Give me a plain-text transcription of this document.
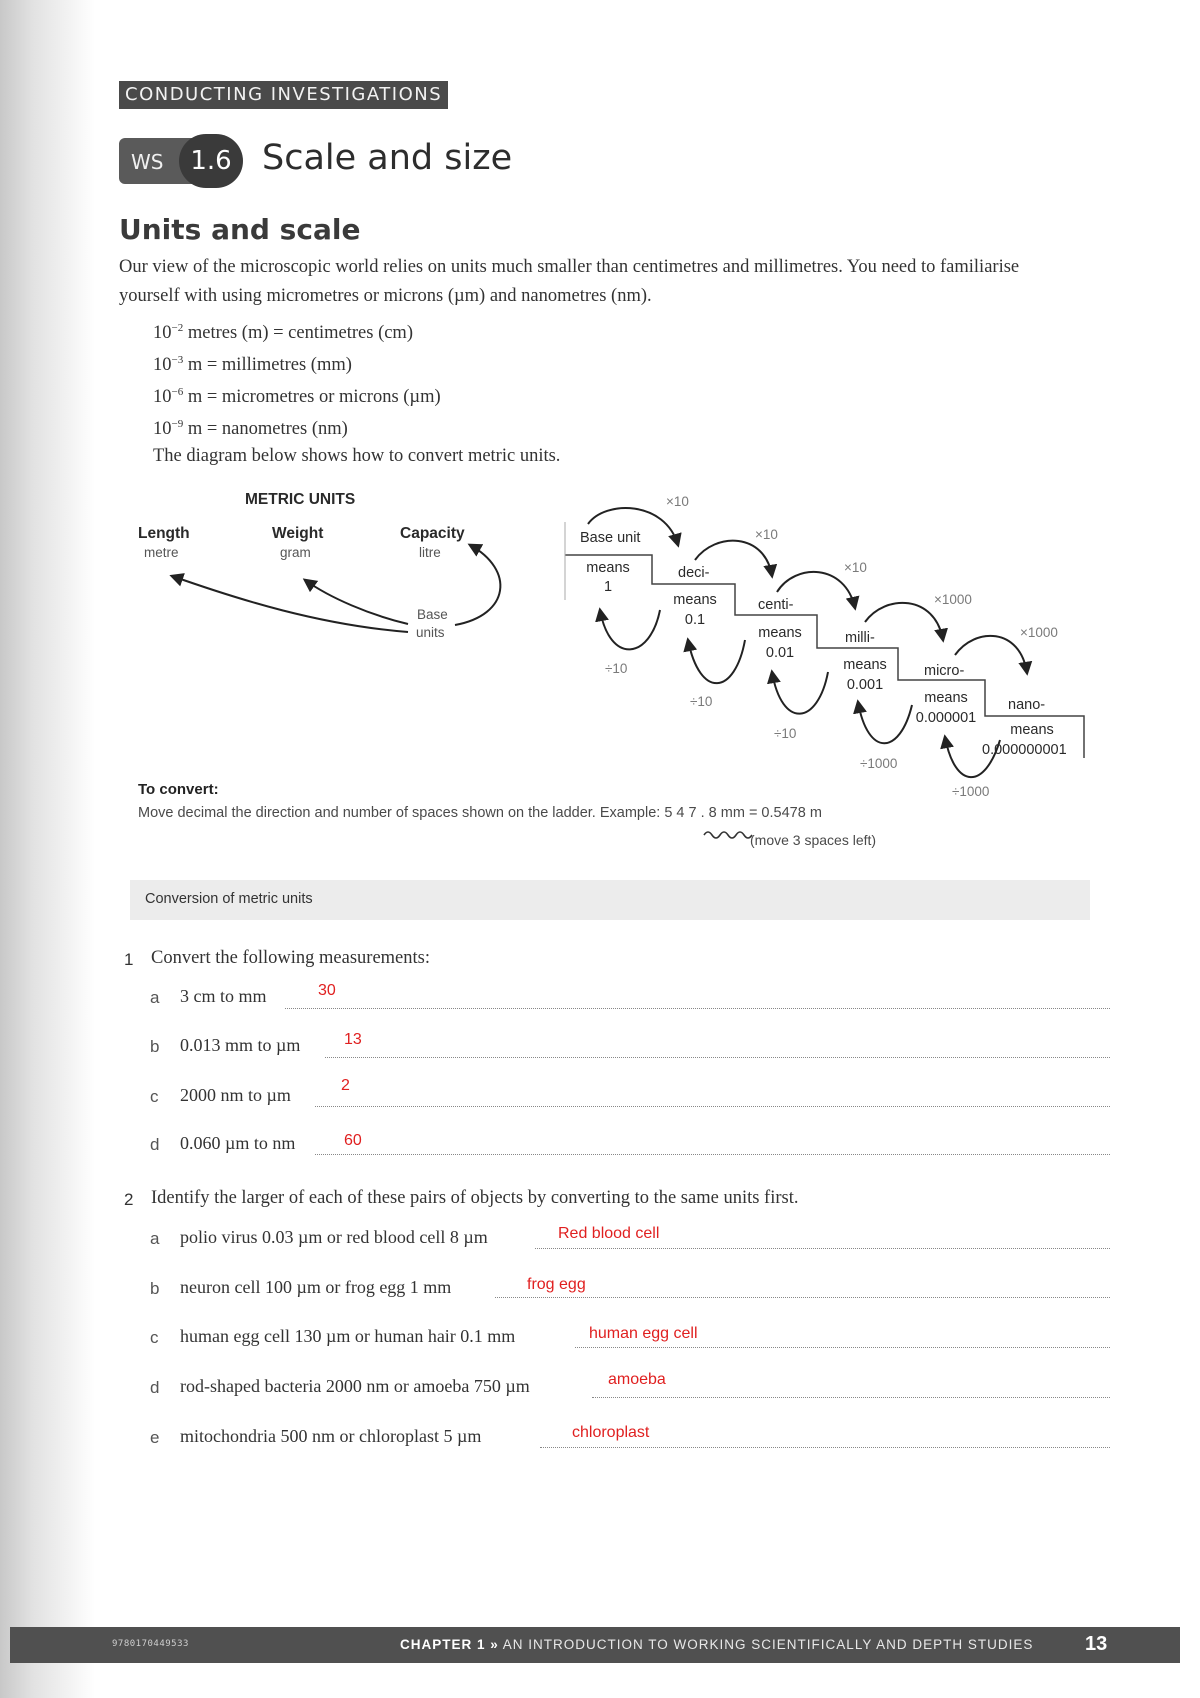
CONDUCTING INVESTIGATIONS
WS	1.6 Scale and size
Units and scale
Our view of the microscopic world relies on units much smaller than centimetres and millimetres. You need to familiarise yourself with using micrometres or microns (µm) and nanometres (nm).
$10^{-2}$ metres (m) = centimetres (cm)
$10^{-3}$ m = millimetres (mm)
$10^{-6}$ m = micrometres or microns (µm)
$10^{-9}$ m = nanometres (nm)
The diagram below shows how to convert metric units.
METRIC UNITS
Length
metre
Weight
gram
Capacity
litre
Base
units
Base unit
means
1
deci-
means
0.1
centi-
means
0.01
milli-
means
0.001
micro-
means
0.000001
nano-
means
0.000000001
×10
×10
×10
×1000
×1000
÷10
÷10
÷10
÷1000
÷1000
To convert:
Move decimal the direction and number of spaces shown on the ladder. Example: 5 4 7 . 8 mm = 0.5478 m
(move 3 spaces left)
Conversion of metric units
1 Convert the following measurements:
a 3 cm to mm	30
b 0.013 mm to µm	13
c 2000 nm to µm	2
d 0.060 µm to nm	60
2 Identify the larger of each of these pairs of objects by converting to the same units first.
a polio virus 0.03 µm or red blood cell 8 µm	Red blood cell
b neuron cell 100 µm or frog egg 1 mm	frog egg
c human egg cell 130 µm or human hair 0.1 mm	human egg cell
d rod-shaped bacteria 2000 nm or amoeba 750 µm	amoeba
e mitochondria 500 nm or chloroplast 5 µm	chloroplast
9780170449533	CHAPTER 1 » AN INTRODUCTION TO WORKING SCIENTIFICALLY AND DEPTH STUDIES	13
